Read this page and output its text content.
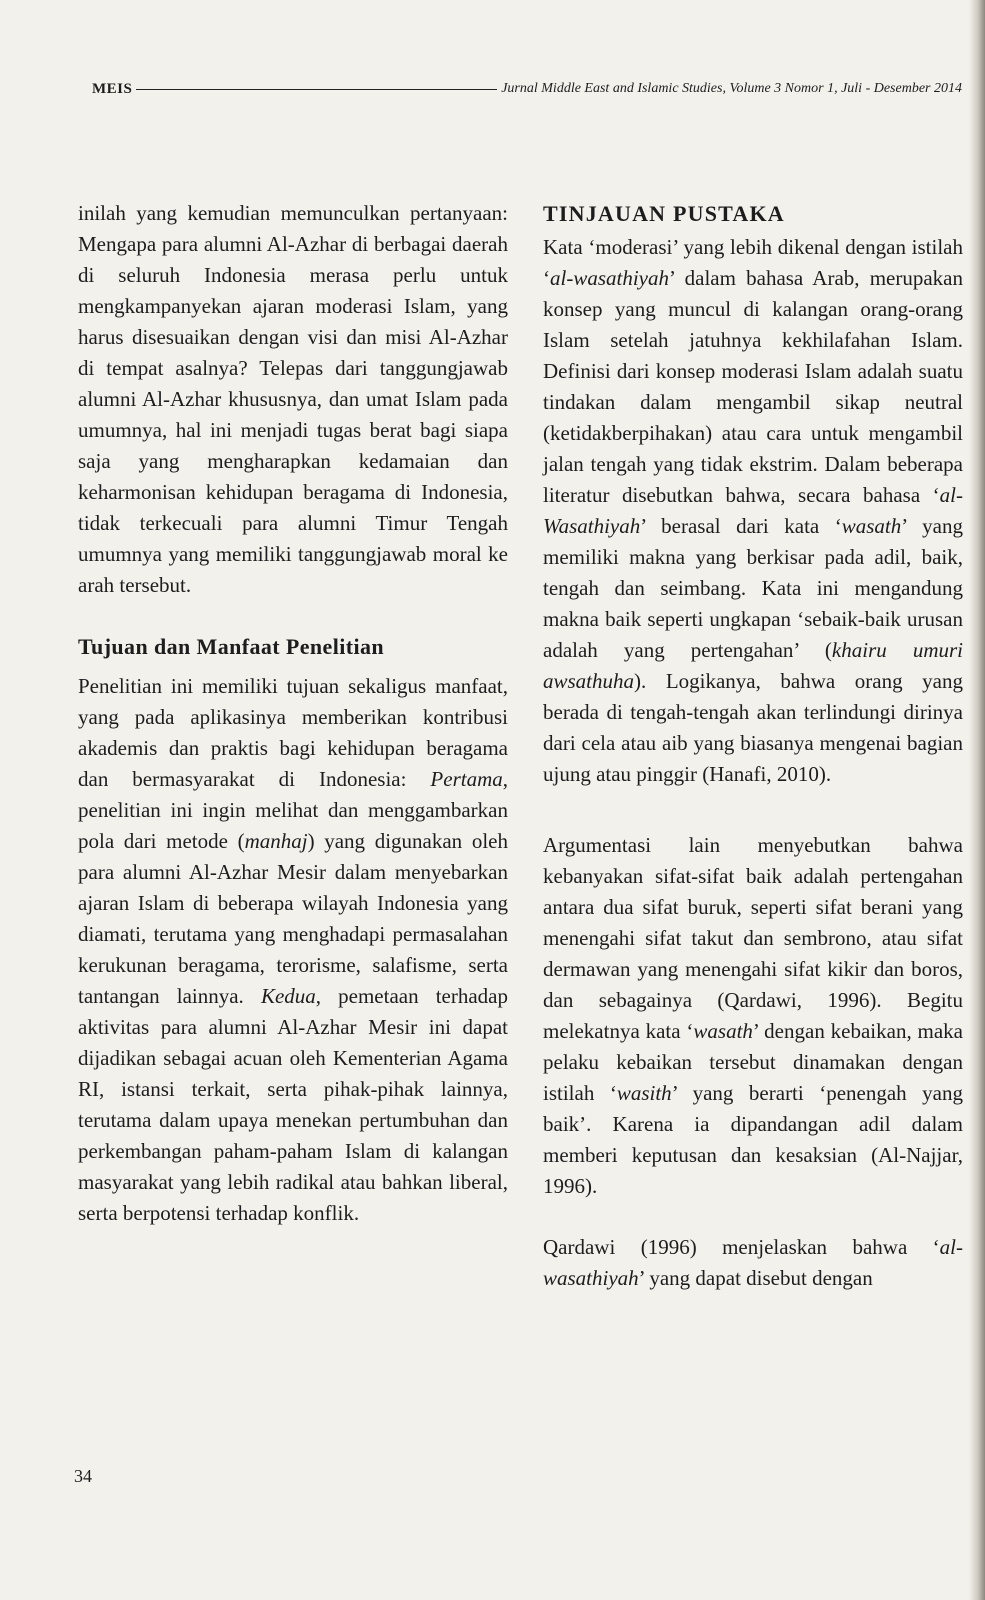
MEIS	Jurnal Middle East and Islamic Studies, Volume 3 Nomor 1, Juli - Desember 2014

inilah yang kemudian memunculkan pertanyaan: Mengapa para alumni Al-Azhar di berbagai daerah di seluruh Indonesia merasa perlu untuk mengkampanyekan ajaran moderasi Islam, yang harus disesuaikan dengan visi dan misi Al-Azhar di tempat asalnya? Telepas dari tanggungjawab alumni Al-Azhar khususnya, dan umat Islam pada umumnya, hal ini menjadi tugas berat bagi siapa saja yang mengharapkan kedamaian dan keharmonisan kehidupan beragama di Indonesia, tidak terkecuali para alumni Timur Tengah umumnya yang memiliki tanggungjawab moral ke arah tersebut.

Tujuan dan Manfaat Penelitian

Penelitian ini memiliki tujuan sekaligus manfaat, yang pada aplikasinya memberikan kontribusi akademis dan praktis bagi kehidupan beragama dan bermasyarakat di Indonesia: Pertama, penelitian ini ingin melihat dan menggambarkan pola dari metode (manhaj) yang digunakan oleh para alumni Al-Azhar Mesir dalam menyebarkan ajaran Islam di beberapa wilayah Indonesia yang diamati, terutama yang menghadapi permasalahan kerukunan beragama, terorisme, salafisme, serta tantangan lainnya. Kedua, pemetaan terhadap aktivitas para alumni Al-Azhar Mesir ini dapat dijadikan sebagai acuan oleh Kementerian Agama RI, istansi terkait, serta pihak-pihak lainnya, terutama dalam upaya menekan pertumbuhan dan perkembangan paham-paham Islam di kalangan masyarakat yang lebih radikal atau bahkan liberal, serta berpotensi terhadap konflik.

TINJAUAN PUSTAKA

Kata ‘moderasi’ yang lebih dikenal dengan istilah ‘al-wasathiyah’ dalam bahasa Arab, merupakan konsep yang muncul di kalangan orang-orang Islam setelah jatuhnya kekhilafahan Islam. Definisi dari konsep moderasi Islam adalah suatu tindakan dalam mengambil sikap neutral (ketidakberpihakan) atau cara untuk mengambil jalan tengah yang tidak ekstrim. Dalam beberapa literatur disebutkan bahwa, secara bahasa ‘al-Wasathiyah’ berasal dari kata ‘wasath’ yang memiliki makna yang berkisar pada adil, baik, tengah dan seimbang. Kata ini mengandung makna baik seperti ungkapan ‘sebaik-baik urusan adalah yang pertengahan’ (khairu umuri awsathuha). Logikanya, bahwa orang yang berada di tengah-tengah akan terlindungi dirinya dari cela atau aib yang biasanya mengenai bagian ujung atau pinggir (Hanafi, 2010).

Argumentasi lain menyebutkan bahwa kebanyakan sifat-sifat baik adalah pertengahan antara dua sifat buruk, seperti sifat berani yang menengahi sifat takut dan sembrono, atau sifat dermawan yang menengahi sifat kikir dan boros, dan sebagainya (Qardawi, 1996). Begitu melekatnya kata ‘wasath’ dengan kebaikan, maka pelaku kebaikan tersebut dinamakan dengan istilah ‘wasith’ yang berarti ‘penengah yang baik’. Karena ia dipandangan adil dalam memberi keputusan dan kesaksian (Al-Najjar, 1996).

Qardawi (1996) menjelaskan bahwa ‘al-wasathiyah’ yang dapat disebut dengan

34
